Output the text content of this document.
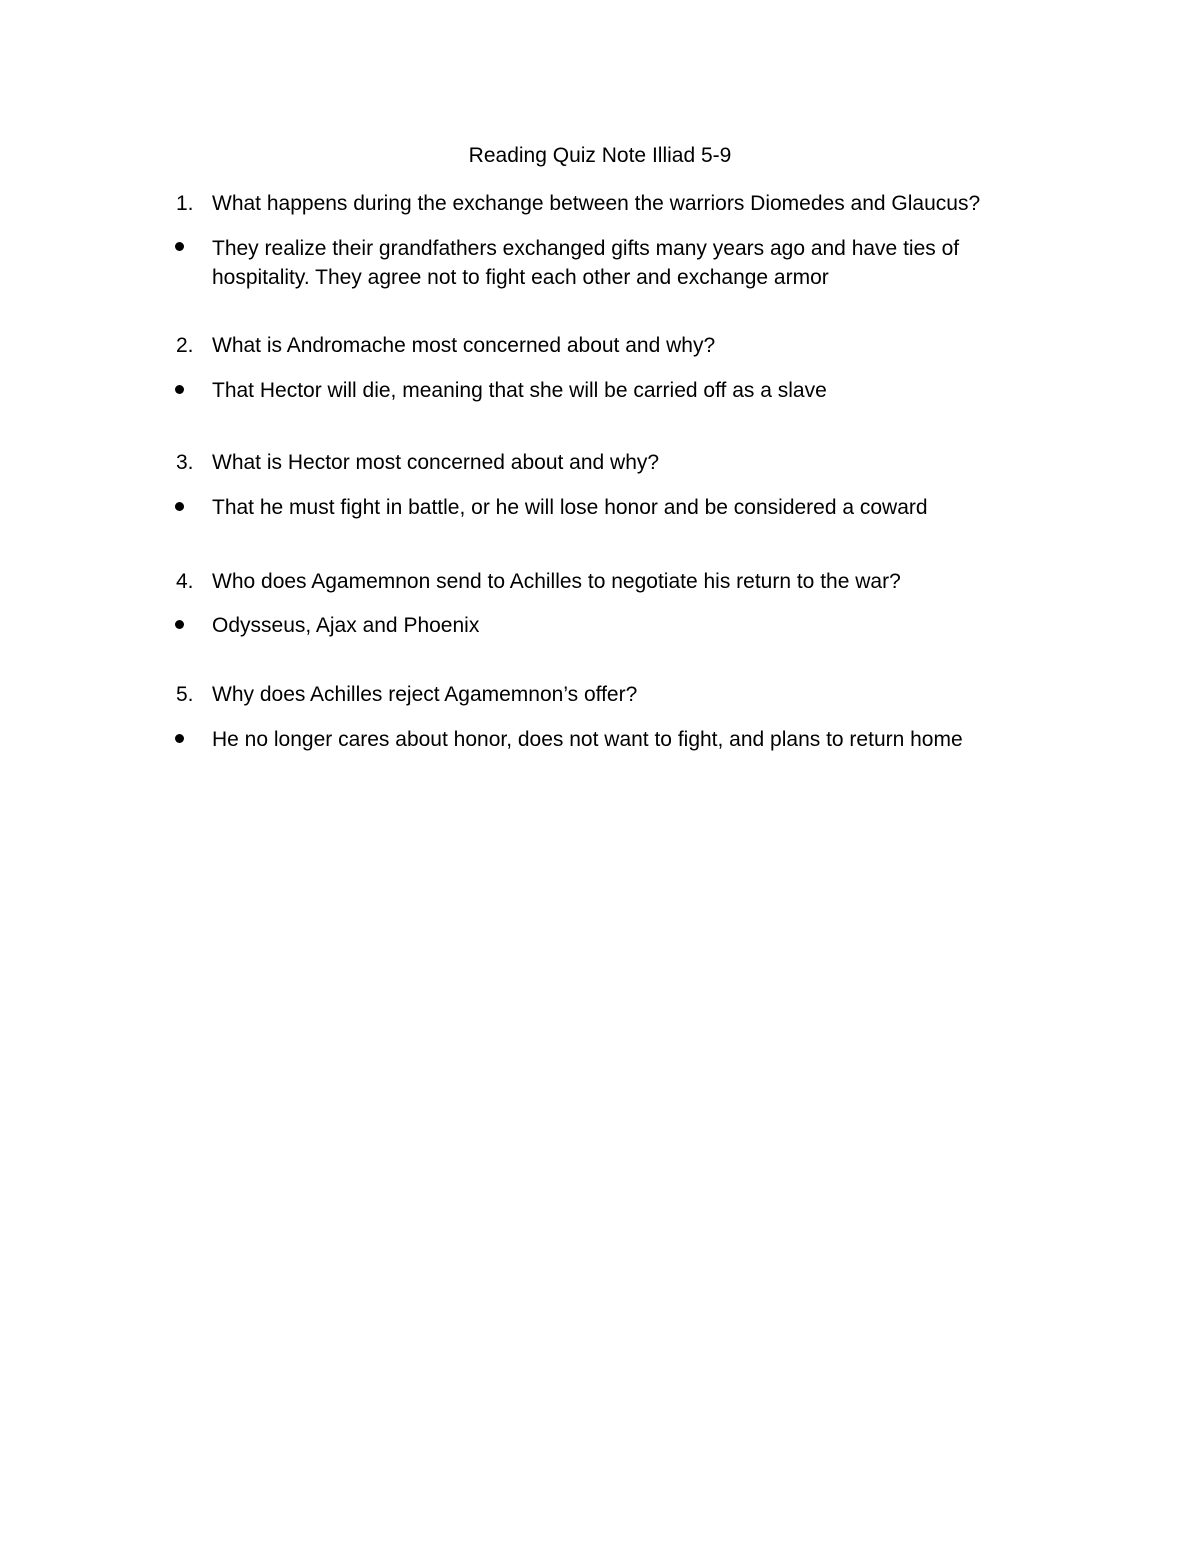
Reading Quiz Note Illiad 5-9
1. What happens during the exchange between the warriors Diomedes and Glaucus?
They realize their grandfathers exchanged gifts many years ago and have ties of hospitality. They agree not to fight each other and exchange armor
2. What is Andromache most concerned about and why?
That Hector will die, meaning that she will be carried off as a slave
3. What is Hector most concerned about and why?
That he must fight in battle, or he will lose honor and be considered a coward
4. Who does Agamemnon send to Achilles to negotiate his return to the war?
Odysseus, Ajax and Phoenix
5. Why does Achilles reject Agamemnon’s offer?
He no longer cares about honor, does not want to fight, and plans to return home
